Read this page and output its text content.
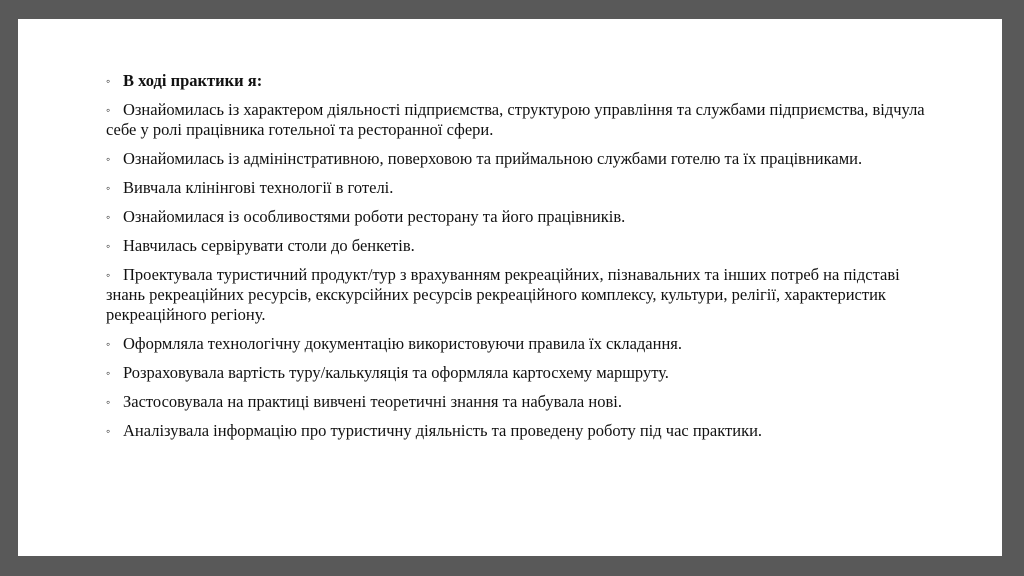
◦ В ході практики я:

◦ Ознайомилась із характером діяльності підприємства, структурою управління та службами підприємства, відчула себе у ролі працівника готельної та ресторанної сфери.

◦ Ознайомилась із адмінінстративною, поверховою та приймальною службами готелю та їх працівниками.

◦ Вивчала клінінгові технології в готелі.

◦ Ознайомилася із особливостями роботи ресторану та його працівників.

◦ Навчилась сервірувати столи до бенкетів.

◦ Проектувала туристичний продукт/тур з врахуванням рекреаційних, пізнавальних та інших потреб на підставі знань рекреаційних ресурсів, екскурсійних ресурсів рекреаційного комплексу, культури, релігії, характеристик рекреаційного регіону.

◦ Оформляла технологічну документацію використовуючи правила їх складання.

◦ Розраховувала вартість туру/калькуляція та оформляла картосхему маршруту.

◦ Застосовувала на практиці вивчені теоретичні знання та набувала нові.

◦ Аналізувала інформацію про туристичну діяльність та проведену роботу під час практики.
